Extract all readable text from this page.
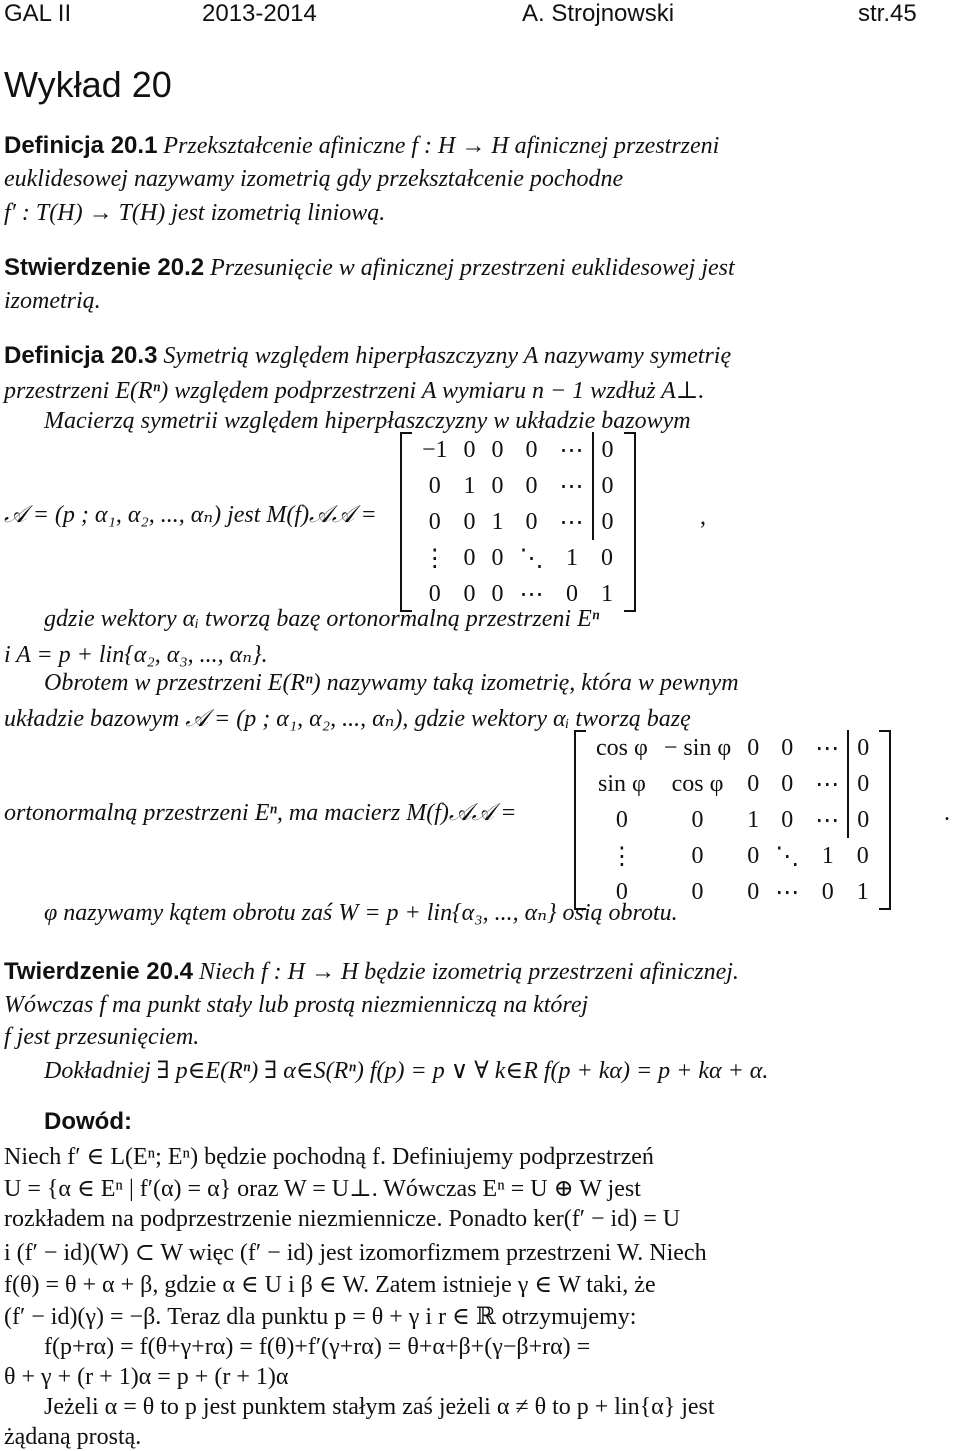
GAL II	2013-2014	A. Strojnowski	str.45
Wykład 20
Definicja 20.1 Przekształcenie afiniczne f : H → H afinicznej przestrzeni
euklidesowej nazywamy izometrią gdy przekształcenie pochodne
f′ : T(H) → T(H) jest izometrią liniową.
Stwierdzenie 20.2 Przesunięcie w afinicznej przestrzeni euklidesowej jest
izometrią.
Definicja 20.3 Symetrią względem hiperpłaszczyzny A nazywamy symetrię
przestrzeni E(Rⁿ) względem podprzestrzeni A wymiaru n − 1 wzdłuż A⊥.
Macierzą symetrii względem hiperpłaszczyzny w układzie bazowym
𝒜 = (p ; α₁, α₂, ..., αₙ) jest M(f)𝒜𝒜 =
−1	0	0	0	⋯	0
0	1	0	0	⋯	0
0	0	1	0	⋯	0
⋮	0	0	⋱	1	0
0	0	0	⋯	0	1
,
gdzie wektory αᵢ tworzą bazę ortonormalną przestrzeni Eⁿ
i A = p + lin{α₂, α₃, ..., αₙ}.
Obrotem w przestrzeni E(Rⁿ) nazywamy taką izometrię, która w pewnym
układzie bazowym 𝒜 = (p ; α₁, α₂, ..., αₙ), gdzie wektory αᵢ tworzą bazę
ortonormalną przestrzeni Eⁿ, ma macierz M(f)𝒜𝒜 =
cos φ	− sin φ	0	0	⋯	0
sin φ	cos φ	0	0	⋯	0
0	0	1	0	⋯	0
⋮	0	0	⋱	1	0
0	0	0	⋯	0	1
.
φ nazywamy kątem obrotu zaś W = p + lin{α₃, ..., αₙ} osią obrotu.
Twierdzenie 20.4 Niech f : H → H będzie izometrią przestrzeni afinicznej.
Wówczas f ma punkt stały lub prostą niezmienniczą na której
f jest przesunięciem.
Dokładniej ∃ p∈E(Rⁿ) ∃ α∈S(Rⁿ) f(p) = p ∨ ∀ k∈R f(p + kα) = p + kα + α.
Dowód:
Niech f′ ∈ L(Eⁿ; Eⁿ) będzie pochodną f. Definiujemy podprzestrzeń
U = {α ∈ Eⁿ | f′(α) = α} oraz W = U⊥. Wówczas Eⁿ = U ⊕ W jest
rozkładem na podprzestrzenie niezmiennicze. Ponadto ker(f′ − id) = U
i (f′ − id)(W) ⊂ W więc (f′ − id) jest izomorfizmem przestrzeni W. Niech
f(θ) = θ + α + β, gdzie α ∈ U i β ∈ W. Zatem istnieje γ ∈ W taki, że
(f′ − id)(γ) = −β. Teraz dla punktu p = θ + γ i r ∈ ℝ otrzymujemy:
f(p+rα) = f(θ+γ+rα) = f(θ)+f′(γ+rα) = θ+α+β+(γ−β+rα) =
θ + γ + (r + 1)α = p + (r + 1)α
Jeżeli α = θ to p jest punktem stałym zaś jeżeli α ≠ θ to p + lin{α} jest
żądaną prostą.
